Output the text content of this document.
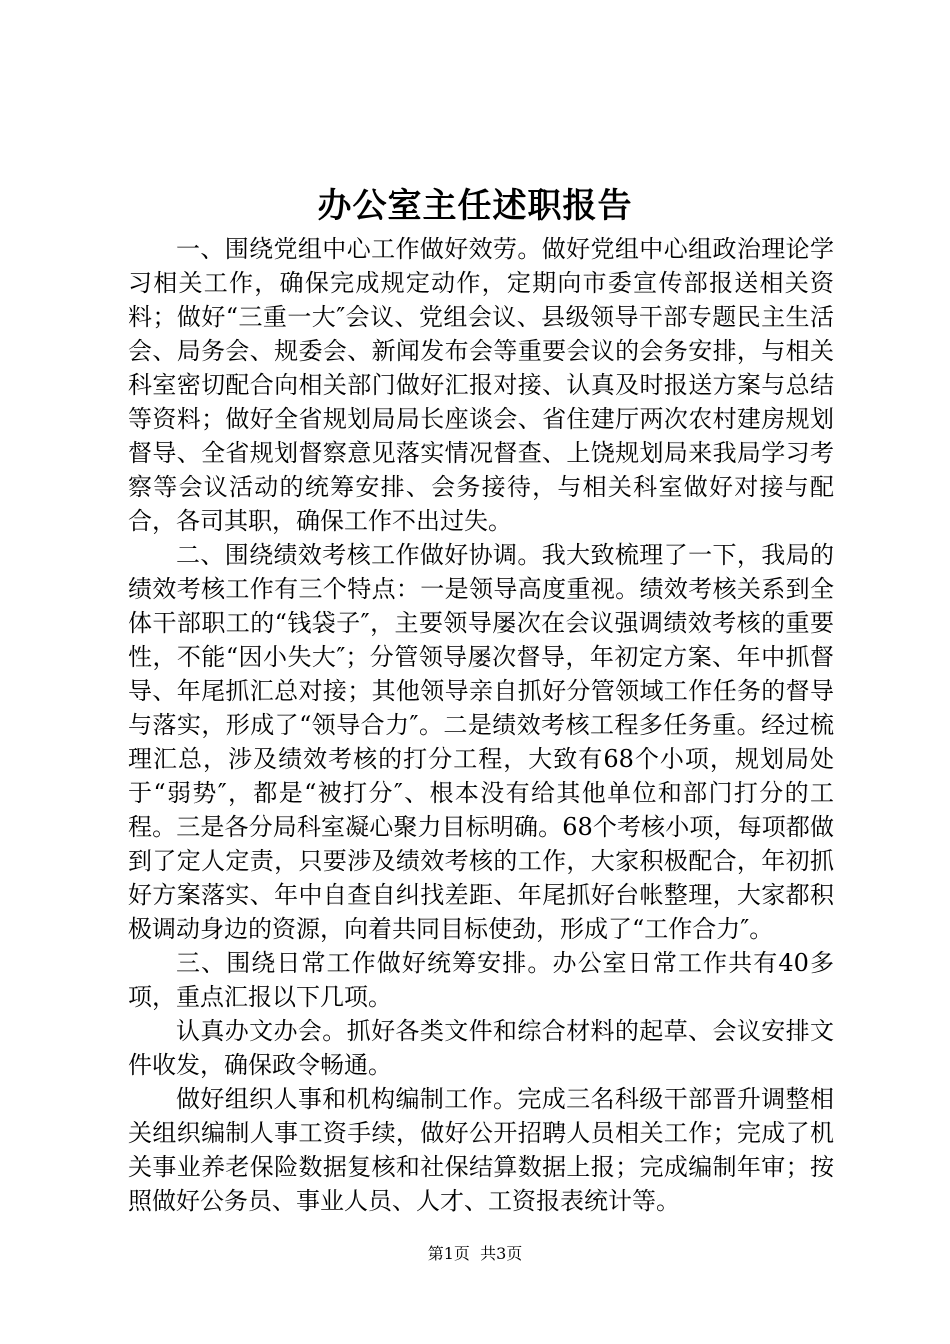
办公室主任述职报告

一、围绕党组中心工作做好效劳。做好党组中心组政治理论学习相关工作，确保完成规定动作，定期向市委宣传部报送相关资料；做好“三重一大″会议、党组会议、县级领导干部专题民主生活会、局务会、规委会、新闻发布会等重要会议的会务安排，与相关科室密切配合向相关部门做好汇报对接、认真及时报送方案与总结等资料；做好全省规划局局长座谈会、省住建厅两次农村建房规划督导、全省规划督察意见落实情况督查、上饶规划局来我局学习考察等会议活动的统筹安排、会务接待，与相关科室做好对接与配合，各司其职，确保工作不出过失。

二、围绕绩效考核工作做好协调。我大致梳理了一下，我局的绩效考核工作有三个特点：一是领导高度重视。绩效考核关系到全体干部职工的“钱袋子″，主要领导屡次在会议强调绩效考核的重要性，不能“因小失大″；分管领导屡次督导，年初定方案、年中抓督导、年尾抓汇总对接；其他领导亲自抓好分管领域工作任务的督导与落实，形成了“领导合力″。二是绩效考核工程多任务重。经过梳理汇总，涉及绩效考核的打分工程，大致有68个小项，规划局处于“弱势″，都是“被打分″、根本没有给其他单位和部门打分的工程。三是各分局科室凝心聚力目标明确。68个考核小项，每项都做到了定人定责，只要涉及绩效考核的工作，大家积极配合，年初抓好方案落实、年中自查自纠找差距、年尾抓好台帐整理，大家都积极调动身边的资源，向着共同目标使劲，形成了“工作合力″。

三、围绕日常工作做好统筹安排。办公室日常工作共有40多项，重点汇报以下几项。

认真办文办会。抓好各类文件和综合材料的起草、会议安排文件收发，确保政令畅通。

做好组织人事和机构编制工作。完成三名科级干部晋升调整相关组织编制人事工资手续，做好公开招聘人员相关工作；完成了机关事业养老保险数据复核和社保结算数据上报；完成编制年审；按照做好公务员、事业人员、人才、工资报表统计等。

第1页 共3页
